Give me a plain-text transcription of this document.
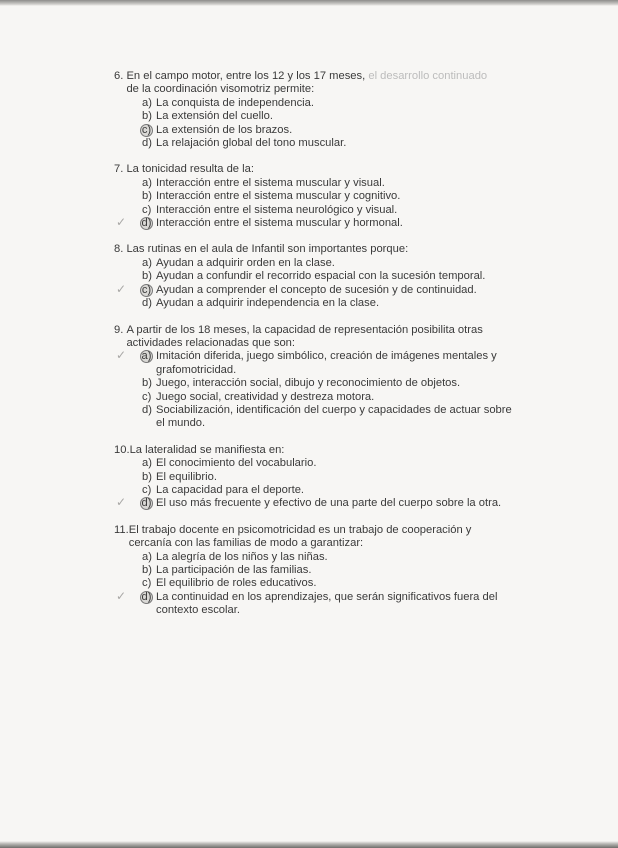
6.
En el campo motor, entre los 12 y los 17 meses, el desarrollo continuado
de la coordinación visomotriz permite:
a) La conquista de independencia.
b) La extensión del cuello.
c) La extensión de los brazos.
d) La relajación global del tono muscular.
7.
La tonicidad resulta de la:
a) Interacción entre el sistema muscular y visual.
b) Interacción entre el sistema muscular y cognitivo.
c) Interacción entre el sistema neurológico y visual.
✓ d) Interacción entre el sistema muscular y hormonal.
8.
Las rutinas en el aula de Infantil son importantes porque:
a) Ayudan a adquirir orden en la clase.
b) Ayudan a confundir el recorrido espacial con la sucesión temporal.
✓ c) Ayudan a comprender el concepto de sucesión y de continuidad.
d) Ayudan a adquirir independencia en la clase.
9.
A partir de los 18 meses, la capacidad de representación posibilita otras actividades relacionadas que son:
✓ a) Imitación diferida, juego simbólico, creación de imágenes mentales y grafomotricidad.
b) Juego, interacción social, dibujo y reconocimiento de objetos.
c) Juego social, creatividad y destreza motora.
d) Sociabilización, identificación del cuerpo y capacidades de actuar sobre el mundo.
10. La lateralidad se manifiesta en:
a) El conocimiento del vocabulario.
b) El equilibrio.
c) La capacidad para el deporte.
✓ d) El uso más frecuente y efectivo de una parte del cuerpo sobre la otra.
11. El trabajo docente en psicomotricidad es un trabajo de cooperación y cercanía con las familias de modo a garantizar:
a) La alegría de los niños y las niñas.
b) La participación de las familias.
c) El equilibrio de roles educativos.
✓ d) La continuidad en los aprendizajes, que serán significativos fuera del contexto escolar.
